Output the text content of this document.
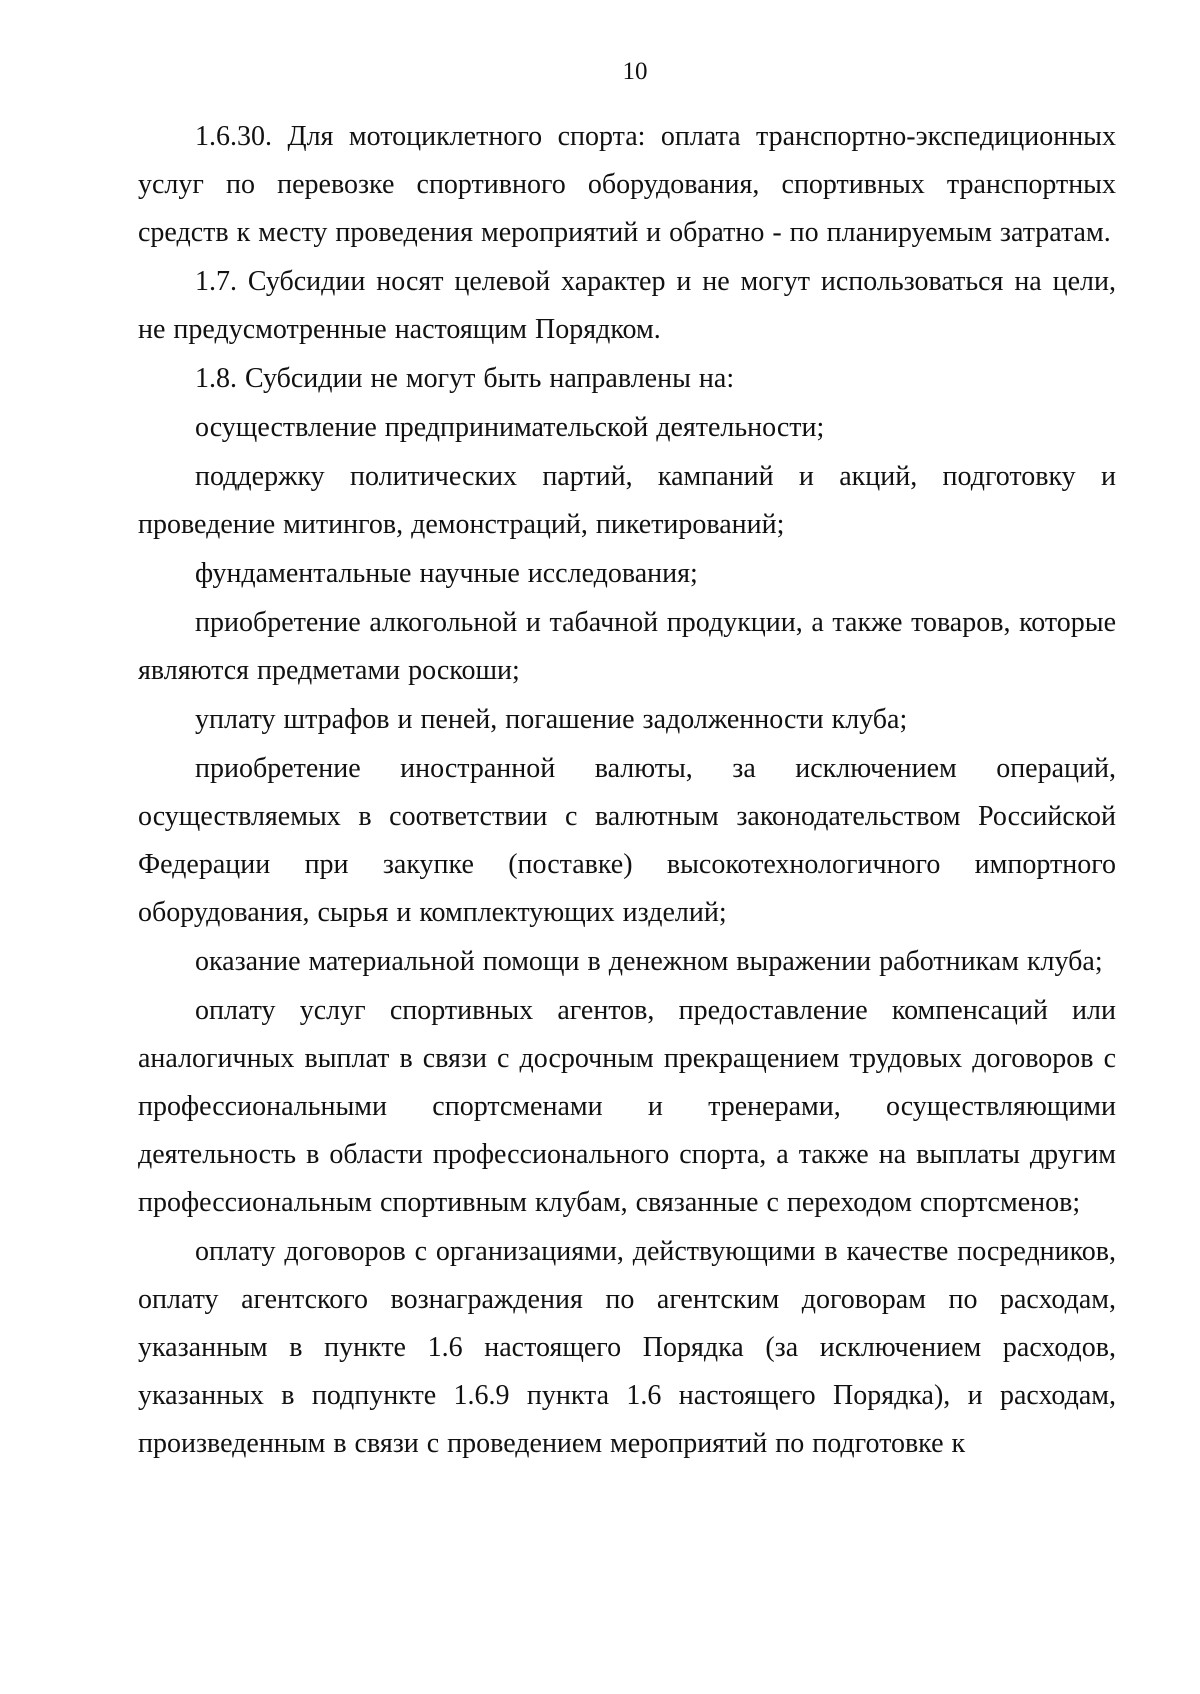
10

1.6.30. Для мотоциклетного спорта: оплата транспортно-экспедиционных услуг по перевозке спортивного оборудования, спортивных транспортных средств к месту проведения мероприятий и обратно - по планируемым затратам.

1.7. Субсидии носят целевой характер и не могут использоваться на цели, не предусмотренные настоящим Порядком.

1.8. Субсидии не могут быть направлены на:

осуществление предпринимательской деятельности;

поддержку политических партий, кампаний и акций, подготовку и проведение митингов, демонстраций, пикетирований;

фундаментальные научные исследования;

приобретение алкогольной и табачной продукции, а также товаров, которые являются предметами роскоши;

уплату штрафов и пеней, погашение задолженности клуба;

приобретение иностранной валюты, за исключением операций, осуществляемых в соответствии с валютным законодательством Российской Федерации при закупке (поставке) высокотехнологичного импортного оборудования, сырья и комплектующих изделий;

оказание материальной помощи в денежном выражении работникам клуба;

оплату услуг спортивных агентов, предоставление компенсаций или аналогичных выплат в связи с досрочным прекращением трудовых договоров с профессиональными спортсменами и тренерами, осуществляющими деятельность в области профессионального спорта, а также на выплаты другим профессиональным спортивным клубам, связанные с переходом спортсменов;

оплату договоров с организациями, действующими в качестве посредников, оплату агентского вознаграждения по агентским договорам по расходам, указанным в пункте 1.6 настоящего Порядка (за исключением расходов, указанных в подпункте 1.6.9 пункта 1.6 настоящего Порядка), и расходам, произведенным в связи с проведением мероприятий по подготовке к
